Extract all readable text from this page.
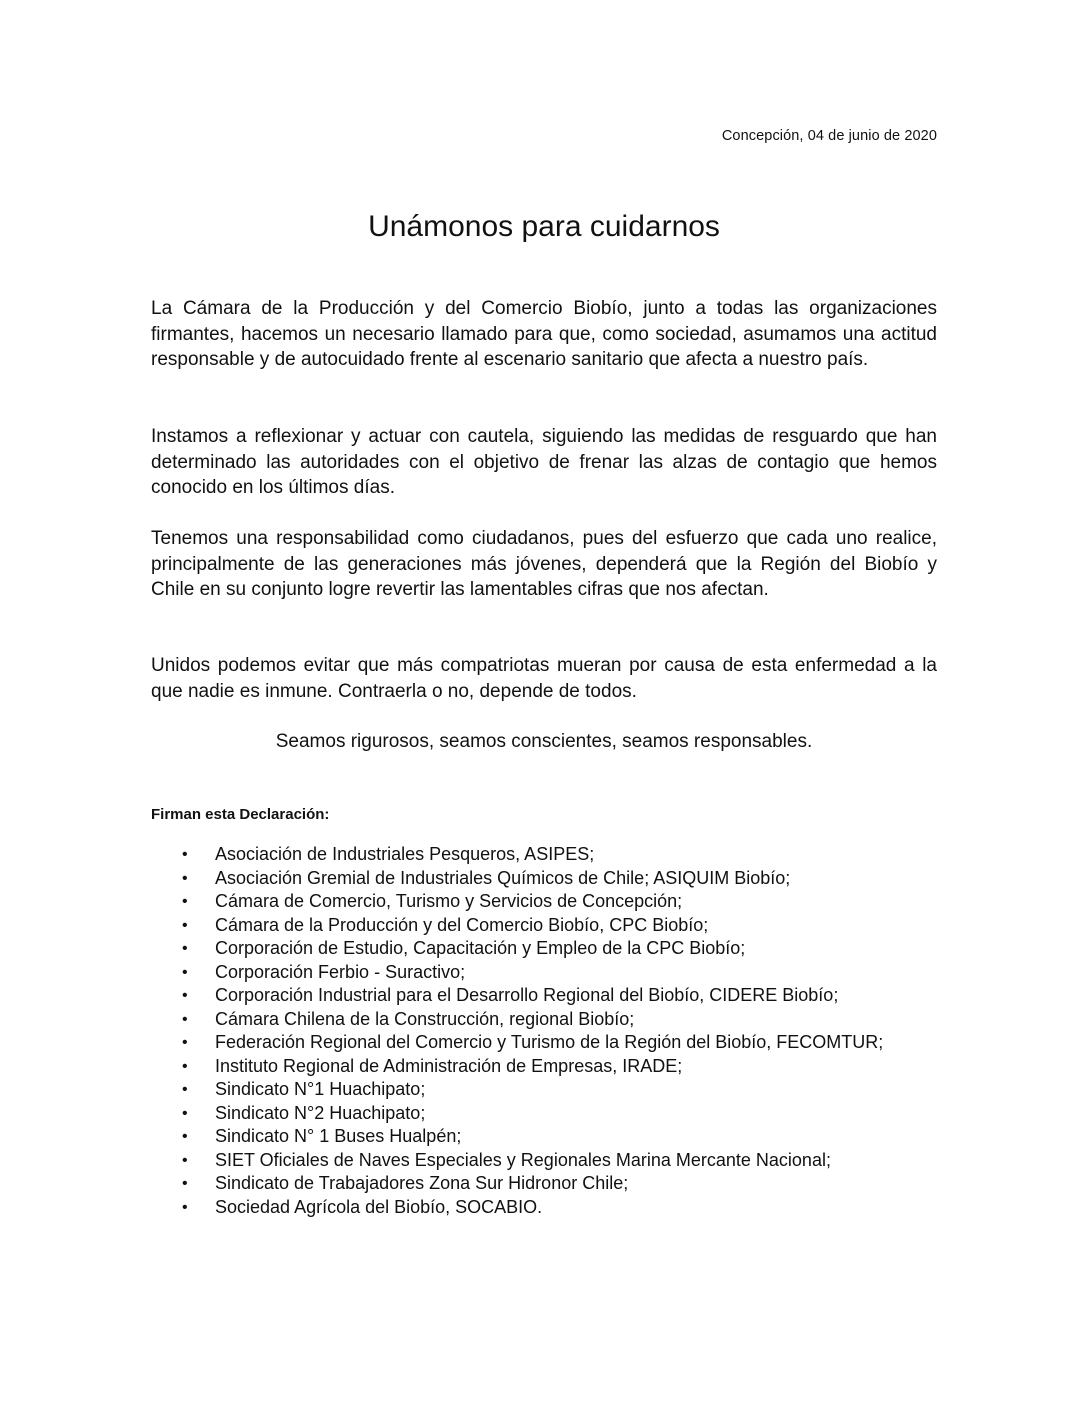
Concepción, 04 de junio de 2020
Unámonos para cuidarnos

La Cámara de la Producción y del Comercio Biobío, junto a todas las organizaciones firmantes, hacemos un necesario llamado para que, como sociedad, asumamos una actitud responsable y de autocuidado frente al escenario sanitario que afecta a nuestro país.

Instamos a reflexionar y actuar con cautela, siguiendo las medidas de resguardo que han determinado las autoridades con el objetivo de frenar las alzas de contagio que hemos conocido en los últimos días.

Tenemos una responsabilidad como ciudadanos, pues del esfuerzo que cada uno realice, principalmente de las generaciones más jóvenes, dependerá que la Región del Biobío y Chile en su conjunto logre revertir las lamentables cifras que nos afectan.

Unidos podemos evitar que más compatriotas mueran por causa de esta enfermedad a la que nadie es inmune. Contraerla o no, depende de todos.

Seamos rigurosos, seamos conscientes, seamos responsables.

Firman esta Declaración:

• Asociación de Industriales Pesqueros, ASIPES;
• Asociación Gremial de Industriales Químicos de Chile; ASIQUIM Biobío;
• Cámara de Comercio, Turismo y Servicios de Concepción;
• Cámara de la Producción y del Comercio Biobío, CPC Biobío;
• Corporación de Estudio, Capacitación y Empleo de la CPC Biobío;
• Corporación Ferbio - Suractivo;
• Corporación Industrial para el Desarrollo Regional del Biobío, CIDERE Biobío;
• Cámara Chilena de la Construcción, regional Biobío;
• Federación Regional del Comercio y Turismo de la Región del Biobío, FECOMTUR;
• Instituto Regional de Administración de Empresas, IRADE;
• Sindicato N°1 Huachipato;
• Sindicato N°2 Huachipato;
• Sindicato N° 1 Buses Hualpén;
• SIET Oficiales de Naves Especiales y Regionales Marina Mercante Nacional;
• Sindicato de Trabajadores Zona Sur Hidronor Chile;
• Sociedad Agrícola del Biobío, SOCABIO.
